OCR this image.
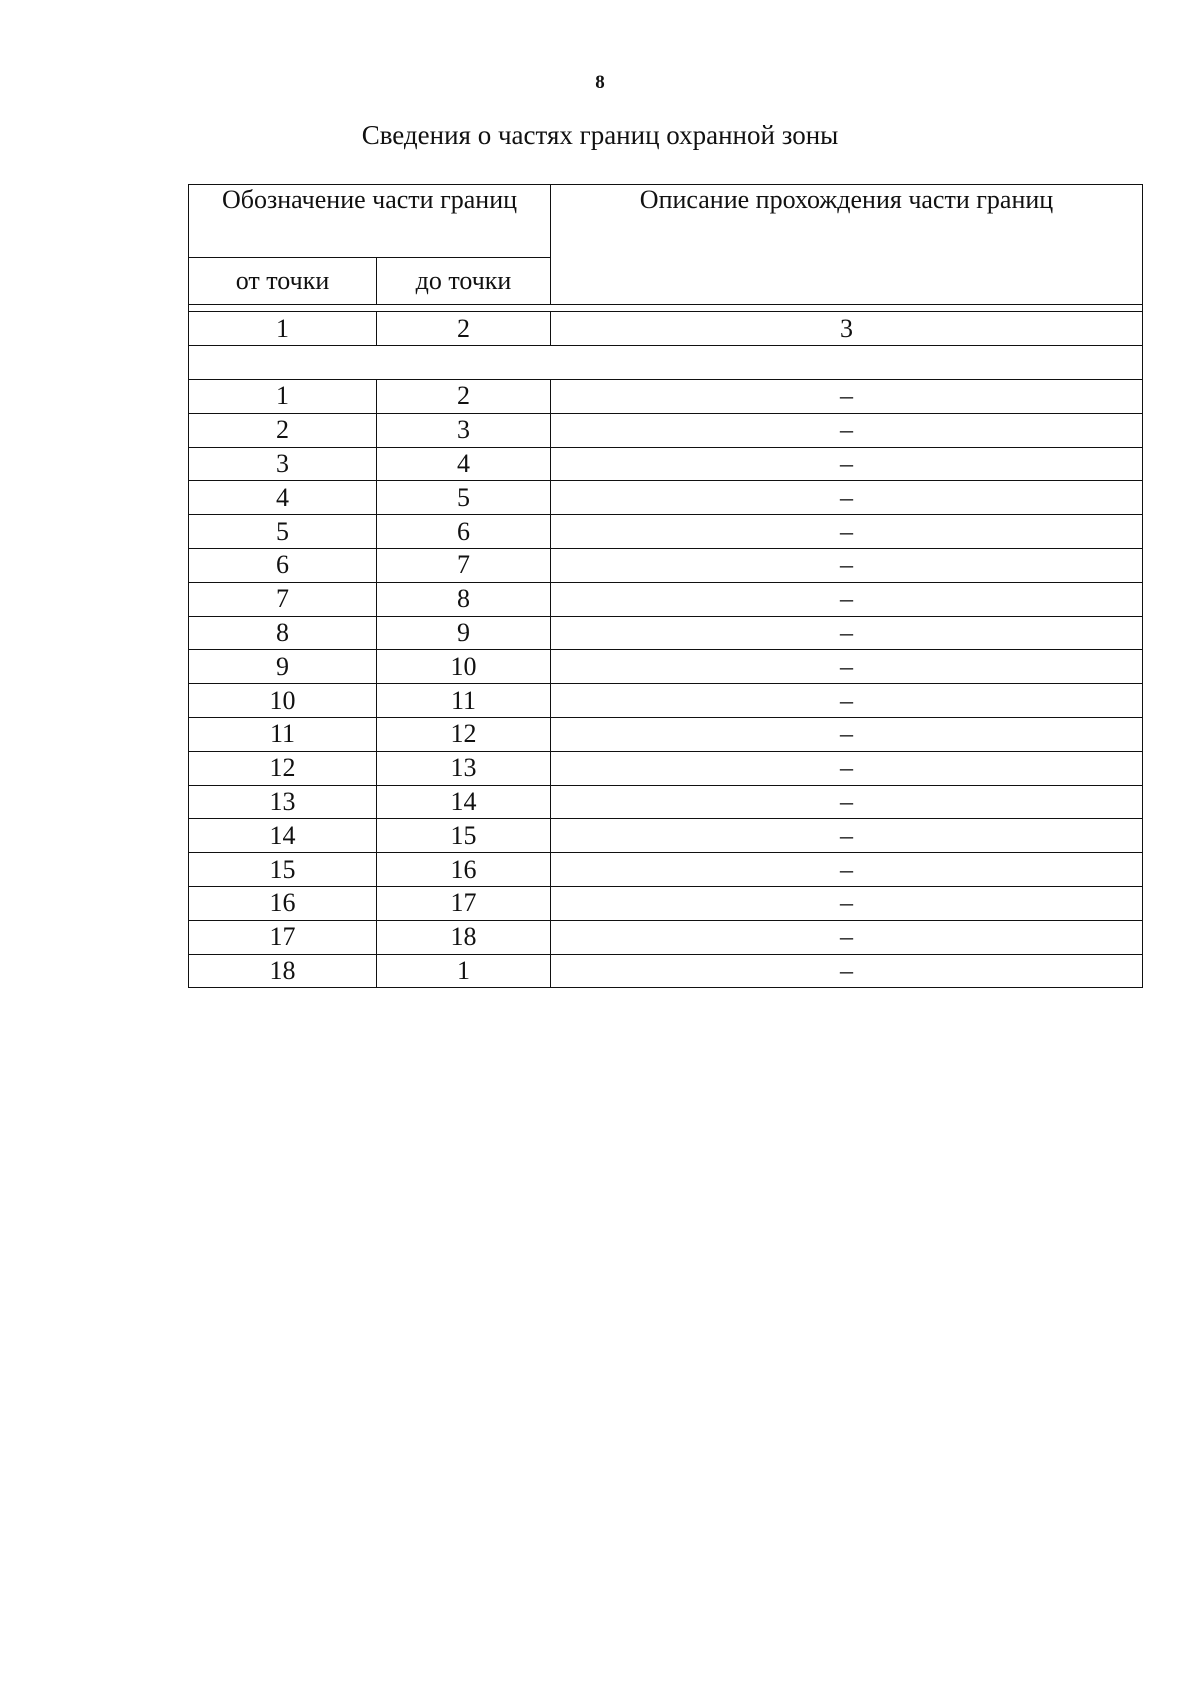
8
Сведения о частях границ охранной зоны
Обозначение части границ		Описание прохождения части границ
от точки	до точки	

1	2	3

1	2	–
2	3	–
3	4	–
4	5	–
5	6	–
6	7	–
7	8	–
8	9	–
9	10	–
10	11	–
11	12	–
12	13	–
13	14	–
14	15	–
15	16	–
16	17	–
17	18	–
18	1	–
